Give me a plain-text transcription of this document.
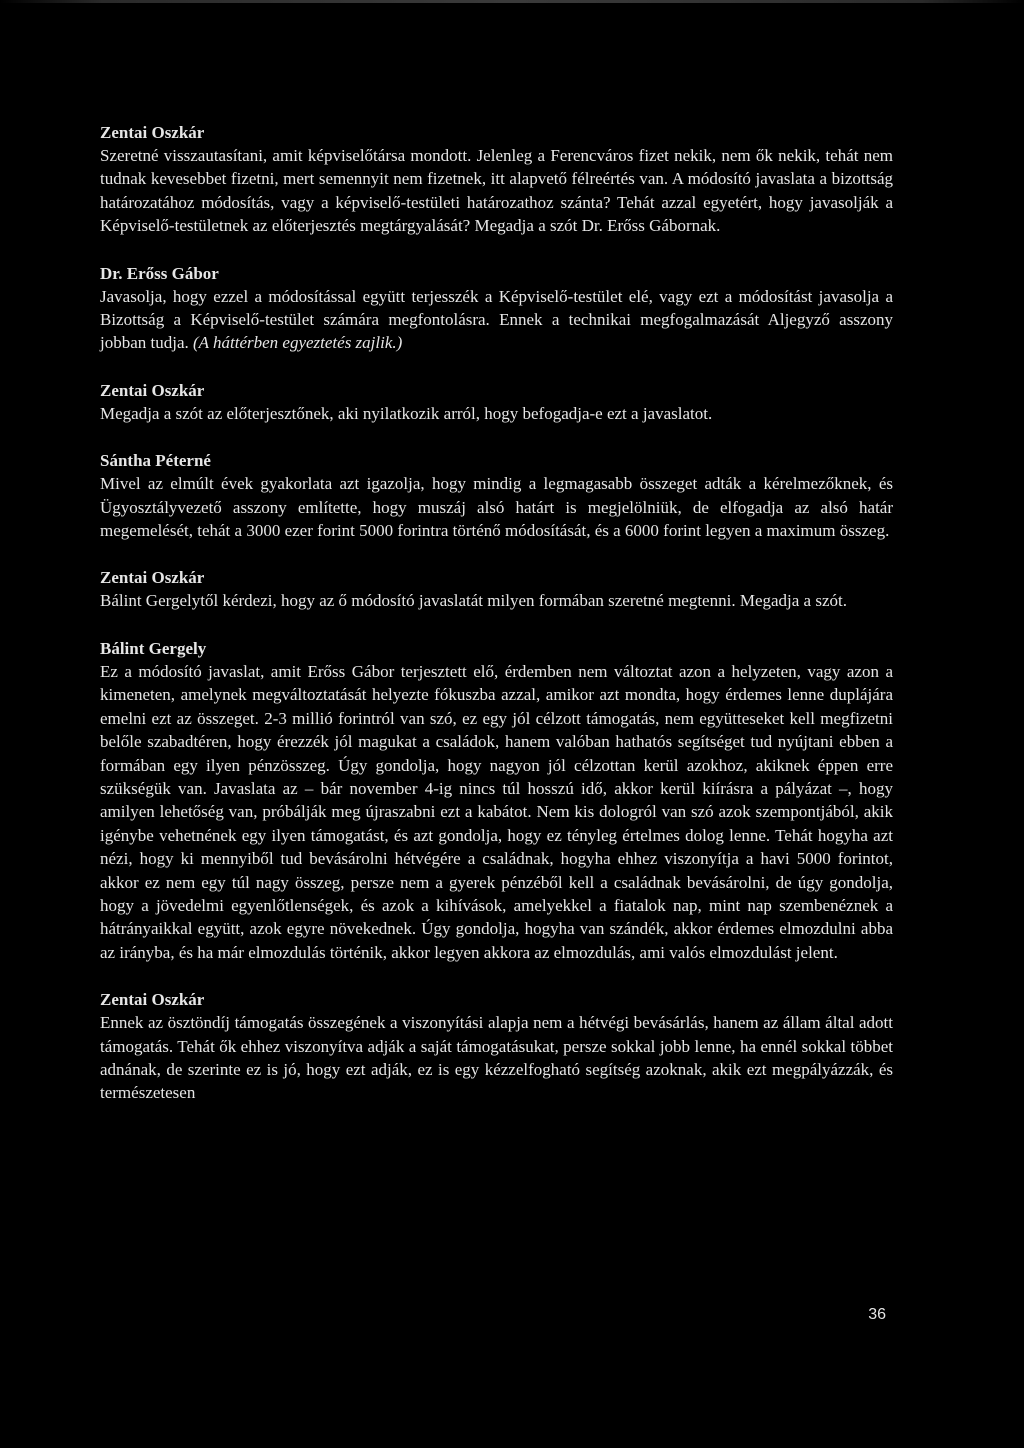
Zentai Oszkár

Szeretné visszautasítani, amit képviselőtársa mondott. Jelenleg a Ferencváros fizet nekik, nem ők nekik, tehát nem tudnak kevesebbet fizetni, mert semennyit nem fizetnek, itt alapvető félreértés van. A módosító javaslata a bizottság határozatához módosítás, vagy a képviselő-testületi határozathoz szánta? Tehát azzal egyetért, hogy javasolják a Képviselő-testületnek az előterjesztés megtárgyalását? Megadja a szót Dr. Erőss Gábornak.

Dr. Erőss Gábor

Javasolja, hogy ezzel a módosítással együtt terjesszék a Képviselő-testület elé, vagy ezt a módosítást javasolja a Bizottság a Képviselő-testület számára megfontolásra. Ennek a technikai megfogalmazását Aljegyző asszony jobban tudja. (A háttérben egyeztetés zajlik.)

Zentai Oszkár

Megadja a szót az előterjesztőnek, aki nyilatkozik arról, hogy befogadja-e ezt a javaslatot.

Sántha Péterné

Mivel az elmúlt évek gyakorlata azt igazolja, hogy mindig a legmagasabb összeget adták a kérelmezőknek, és Ügyosztályvezető asszony említette, hogy muszáj alsó határt is megjelölniük, de elfogadja az alsó határ megemelését, tehát a 3000 ezer forint 5000 forintra történő módosítását, és a 6000 forint legyen a maximum összeg.

Zentai Oszkár

Bálint Gergelytől kérdezi, hogy az ő módosító javaslatát milyen formában szeretné megtenni. Megadja a szót.

Bálint Gergely

Ez a módosító javaslat, amit Erőss Gábor terjesztett elő, érdemben nem változtat azon a helyzeten, vagy azon a kimeneten, amelynek megváltoztatását helyezte fókuszba azzal, amikor azt mondta, hogy érdemes lenne duplájára emelni ezt az összeget. 2-3 millió forintról van szó, ez egy jól célzott támogatás, nem együtteseket kell megfizetni belőle szabadtéren, hogy érezzék jól magukat a családok, hanem valóban hathatós segítséget tud nyújtani ebben a formában egy ilyen pénzösszeg. Úgy gondolja, hogy nagyon jól célzottan kerül azokhoz, akiknek éppen erre szükségük van. Javaslata az – bár november 4-ig nincs túl hosszú idő, akkor kerül kiírásra a pályázat –, hogy amilyen lehetőség van, próbálják meg újraszabni ezt a kabátot. Nem kis dologról van szó azok szempontjából, akik igénybe vehetnének egy ilyen támogatást, és azt gondolja, hogy ez tényleg értelmes dolog lenne. Tehát hogyha azt nézi, hogy ki mennyiből tud bevásárolni hétvégére a családnak, hogyha ehhez viszonyítja a havi 5000 forintot, akkor ez nem egy túl nagy összeg, persze nem a gyerek pénzéből kell a családnak bevásárolni, de úgy gondolja, hogy a jövedelmi egyenlőtlenségek, és azok a kihívások, amelyekkel a fiatalok nap, mint nap szembenéznek a hátrányaikkal együtt, azok egyre növekednek. Úgy gondolja, hogyha van szándék, akkor érdemes elmozdulni abba az irányba, és ha már elmozdulás történik, akkor legyen akkora az elmozdulás, ami valós elmozdulást jelent.

Zentai Oszkár

Ennek az ösztöndíj támogatás összegének a viszonyítási alapja nem a hétvégi bevásárlás, hanem az állam által adott támogatás. Tehát ők ehhez viszonyítva adják a saját támogatásukat, persze sokkal jobb lenne, ha ennél sokkal többet adnának, de szerinte ez is jó, hogy ezt adják, ez is egy kézzelfogható segítség azoknak, akik ezt megpályázzák, és természetesen

36
